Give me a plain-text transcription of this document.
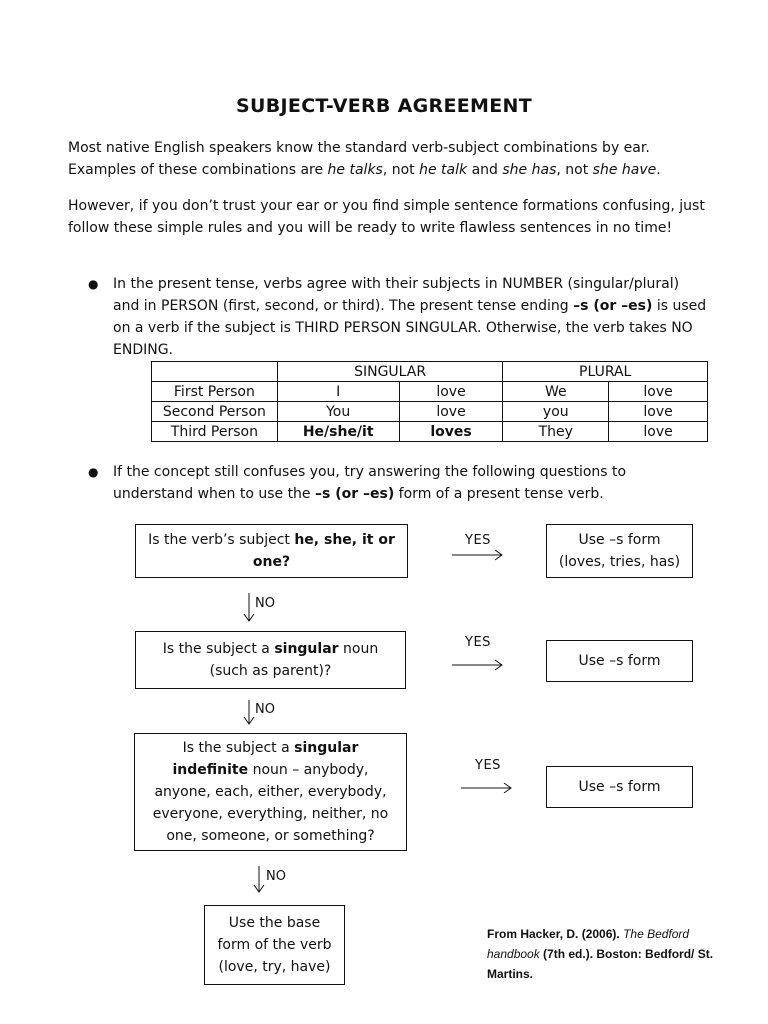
SUBJECT-VERB AGREEMENT

Most native English speakers know the standard verb-subject combinations by ear. Examples of these combinations are he talks, not he talk and she has, not she have.

However, if you don’t trust your ear or you find simple sentence formations confusing, just follow these simple rules and you will be ready to write flawless sentences in no time!

● In the present tense, verbs agree with their subjects in NUMBER (singular/plural) and in PERSON (first, second, or third). The present tense ending –s (or –es) is used on a verb if the subject is THIRD PERSON SINGULAR. Otherwise, the verb takes NO ENDING.
	SINGULAR		PLURAL	
First Person	I	love	We	love
Second Person	You	love	you	love
Third Person	He/she/it	loves	They	love
● If the concept still confuses you, try answering the following questions to understand when to use the –s (or –es) form of a present tense verb.
Is the verb’s subject he, she, it or one?
YES	Use –s form (loves, tries, has)
NO
Is the subject a singular noun (such as parent)?
YES
Use –s form
NO
Is the subject a singular indefinite noun – anybody, anyone, each, either, everybody, everyone, everything, neither, no one, someone, or something?
YES
Use –s form
NO
Use the base form of the verb (love, try, have)
From Hacker, D. (2006). The Bedford handbook (7th ed.). Boston: Bedford/ St. Martins.
